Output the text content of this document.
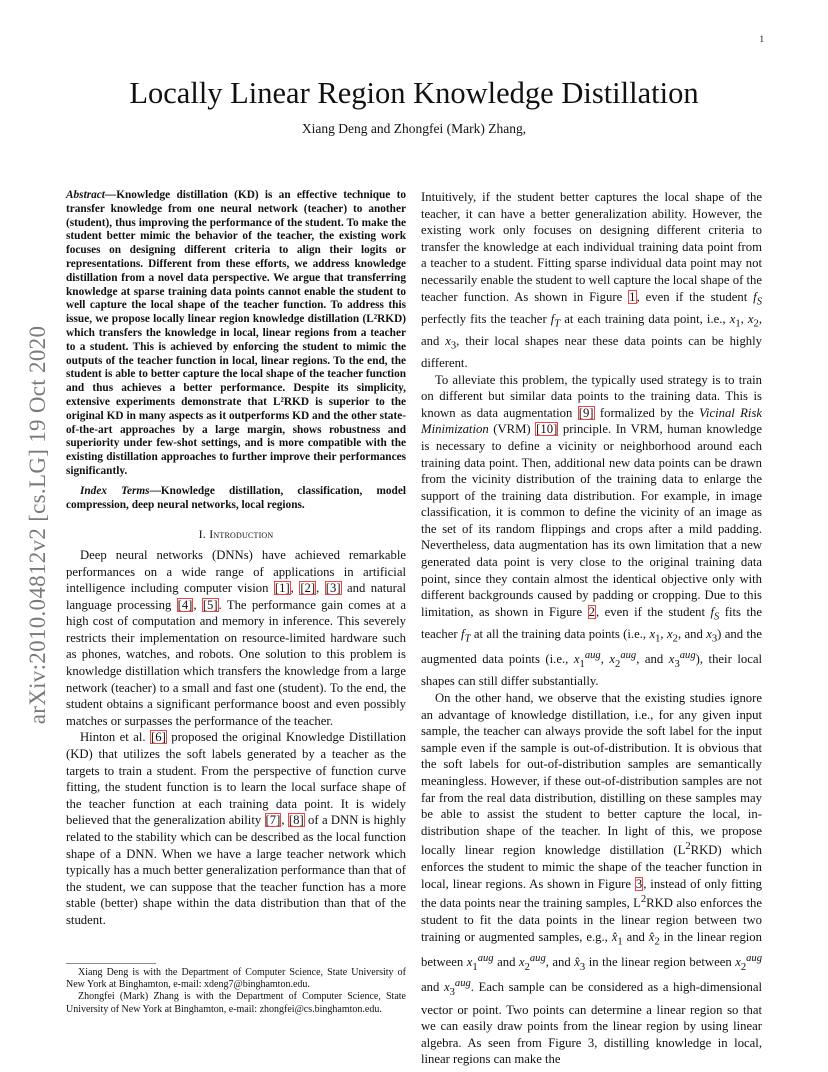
1
arXiv:2010.04812v2 [cs.LG] 19 Oct 2020
Locally Linear Region Knowledge Distillation
Xiang Deng and Zhongfei (Mark) Zhang,
Abstract—Knowledge distillation (KD) is an effective technique to transfer knowledge from one neural network (teacher) to another (student), thus improving the performance of the student. To make the student better mimic the behavior of the teacher, the existing work focuses on designing different criteria to align their logits or representations. Different from these efforts, we address knowledge distillation from a novel data perspective. We argue that transferring knowledge at sparse training data points cannot enable the student to well capture the local shape of the teacher function. To address this issue, we propose locally linear region knowledge distillation (L²RKD) which transfers the knowledge in local, linear regions from a teacher to a student. This is achieved by enforcing the student to mimic the outputs of the teacher function in local, linear regions. To the end, the student is able to better capture the local shape of the teacher function and thus achieves a better performance. Despite its simplicity, extensive experiments demonstrate that L²RKD is superior to the original KD in many aspects as it outperforms KD and the other state-of-the-art approaches by a large margin, shows robustness and superiority under few-shot settings, and is more compatible with the existing distillation approaches to further improve their performances significantly.
Index Terms—Knowledge distillation, classification, model compression, deep neural networks, local regions.
I. Introduction

Deep neural networks (DNNs) have achieved remarkable performances on a wide range of applications in artificial intelligence including computer vision [1], [2], [3] and natural language processing [4], [5]. The performance gain comes at a high cost of computation and memory in inference. This severely restricts their implementation on resource-limited hardware such as phones, watches, and robots. One solution to this problem is knowledge distillation which transfers the knowledge from a large network (teacher) to a small and fast one (student). To the end, the student obtains a significant performance boost and even possibly matches or surpasses the performance of the teacher.

Hinton et al. [6] proposed the original Knowledge Distillation (KD) that utilizes the soft labels generated by a teacher as the targets to train a student. From the perspective of function curve fitting, the student function is to learn the local surface shape of the teacher function at each training data point. It is widely believed that the generalization ability [7], [8] of a DNN is highly related to the stability which can be described as the local function shape of a DNN. When we have a large teacher network which typically has a much better generalization performance than that of the student, we can suppose that the teacher function has a more stable (better) shape within the data distribution than that of the student.

Xiang Deng is with the Department of Computer Science, State University of New York at Binghamton, e-mail: xdeng7@binghamton.edu.
Zhongfei (Mark) Zhang is with the Department of Computer Science, State University of New York at Binghamton, e-mail: zhongfei@cs.binghamton.edu.

Intuitively, if the student better captures the local shape of the teacher, it can have a better generalization ability. However, the existing work only focuses on designing different criteria to transfer the knowledge at each individual training data point from a teacher to a student. Fitting sparse individual data point may not necessarily enable the student to well capture the local shape of the teacher function. As shown in Figure 1, even if the student $f_S$ perfectly fits the teacher $f_T$ at each training data point, i.e., $x_1$, $x_2$, and $x_3$, their local shapes near these data points can be highly different.

To alleviate this problem, the typically used strategy is to train on different but similar data points to the training data. This is known as data augmentation [9] formalized by the Vicinal Risk Minimization (VRM) [10] principle. In VRM, human knowledge is necessary to define a vicinity or neighborhood around each training data point. Then, additional new data points can be drawn from the vicinity distribution of the training data to enlarge the support of the training data distribution. For example, in image classification, it is common to define the vicinity of an image as the set of its random flippings and crops after a mild padding. Nevertheless, data augmentation has its own limitation that a new generated data point is very close to the original training data point, since they contain almost the identical objective only with different backgrounds caused by padding or cropping. Due to this limitation, as shown in Figure 2, even if the student $f_S$ fits the teacher $f_T$ at all the training data points (i.e., $x_1$, $x_2$, and $x_3$) and the augmented data points (i.e., $x_1^{aug}$, $x_2^{aug}$, and $x_3^{aug}$), their local shapes can still differ substantially.

On the other hand, we observe that the existing studies ignore an advantage of knowledge distillation, i.e., for any given input sample, the teacher can always provide the soft label for the input sample even if the sample is out-of-distribution. It is obvious that the soft labels for out-of-distribution samples are semantically meaningless. However, if these out-of-distribution samples are not far from the real data distribution, distilling on these samples may be able to assist the student to better capture the local, in-distribution shape of the teacher. In light of this, we propose locally linear region knowledge distillation $(L^2RKD)$ which enforces the student to mimic the shape of the teacher function in local, linear regions. As shown in Figure 3, instead of only fitting the data points near the training samples, $L^2RKD$ also enforces the student to fit the data points in the linear region between two training or augmented samples, e.g., $x̂_1$ and $x̂_2$ in the linear region between $x_1^{aug}$ and $x_2^{aug}$, and $x̂_3$ in the linear region between $x_2^{aug}$ and $x_3^{aug}$. Each sample can be considered as a high-dimensional vector or point. Two points can determine a linear region so that we can easily draw points from the linear region by using linear algebra. As seen from Figure 3, distilling knowledge in local, linear regions can make the
